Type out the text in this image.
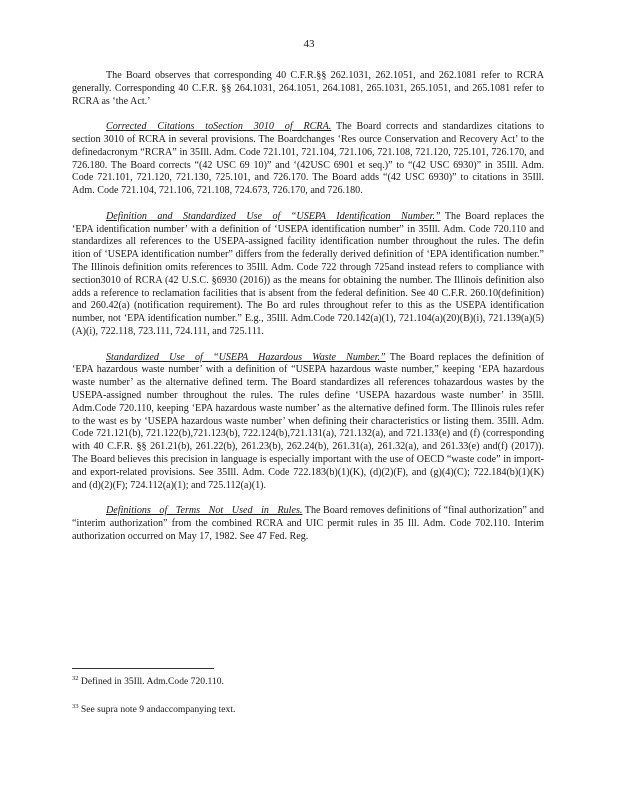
43

The Board observes that corresponding 40 C.F.R.§§ 262.1031, 262.1051, and 262.1081 refer to RCRA generally. Corresponding 40 C.F.R. §§ 264.1031, 264.1051, 264.1081, 265.1031, 265.1051, and 265.1081 refer to RCRA as ‘the Act.’

Corrected Citations toSection 3010 of RCRA. The Board corrects and standardizes citations to section 3010 of RCRA in several provisions. The Boardchanges ‘Res ource Conservation and Recovery Act’ to the definedacronym “RCRA” in 35Ill. Adm. Code 721.101, 721.104, 721.106, 721.108, 721.120, 725.101, 726.170, and 726.180. The Board corrects “(42 USC 69 10)” and ‘(42USC 6901 et seq.)” to “(42 USC 6930)” in 35Ill. Adm. Code 721.101, 721.120, 721.130, 725.101, and 726.170. The Board adds “(42 USC 6930)” to citations in 35Ill. Adm. Code 721.104, 721.106, 721.108, 724.673, 726.170, and 726.180.

Definition and Standardized Use of “USEPA Identification Number.” The Board replaces the ‘EPA identification number’ with a definition of ‘USEPA identification number” in 35Ill. Adm. Code 720.110 and standardizes all references to the USEPA-assigned facility identification number throughout the rules. The defin ition of ‘USEPA identification number” differs from the federally derived definition of ‘EPA identification number.” The Illinois definition omits references to 35Ill. Adm. Code 722 through 725and instead refers to compliance with section3010 of RCRA (42 U.S.C. §6930 (2016)) as the means for obtaining the number. The Illinois definition also adds a reference to reclamation facilities that is absent from the federal definition. See 40 C.F.R. 260.10(definition) and 260.42(a) (notification requirement). The Bo ard rules throughout refer to this as the USEPA identification number, not ‘EPA identification number.” E.g., 35Ill. Adm.Code 720.142(a)(1), 721.104(a)(20)(B)(i), 721.139(a)(5)(A)(i), 722.118, 723.111, 724.111, and 725.111.

Standardized Use of “USEPA Hazardous Waste Number.” The Board replaces the definition of ‘EPA hazardous waste number’ with a definition of “USEPA hazardous waste number,” keeping ‘EPA hazardous waste number’ as the alternative defined term. The Board standardizes all references tohazardous wastes by the USEPA-assigned number throughout the rules. The rules define ‘USEPA hazardous waste number’ in 35Ill. Adm.Code 720.110, keeping ‘EPA hazardous waste number’ as the alternative defined form. The Illinois rules refer to the wast es by ‘USEPA hazardous waste number’ when defining their characteristics or listing them. 35Ill. Adm. Code 721.121(b), 721.122(b),721.123(b), 722.124(b),721.131(a), 721.132(a), and 721.133(e) and (f) (corresponding with 40 C.F.R. §§ 261.21(b), 261.22(b), 261.23(b), 262.24(b), 261.31(a), 261.32(a), and 261.33(e) and(f) (2017)). The Board believes this precision in language is especially important with the use of OECD “waste code” in import-and export-related provisions. See 35Ill. Adm. Code 722.183(b)(1)(K), (d)(2)(F), and (g)(4)(C); 722.184(b)(1)(K) and (d)(2)(F); 724.112(a)(1); and 725.112(a)(1).

Definitions of Terms Not Used in Rules. The Board removes definitions of “final authorization” and “interim authorization” from the combined RCRA and UIC permit rules in 35 Ill. Adm. Code 702.110. Interim authorization occurred on May 17, 1982. See 47 Fed. Reg.

$^{32}$ Defined in 35Ill. Adm.Code 720.110.
$^{33}$ See supra note 9 andaccompanying text.
